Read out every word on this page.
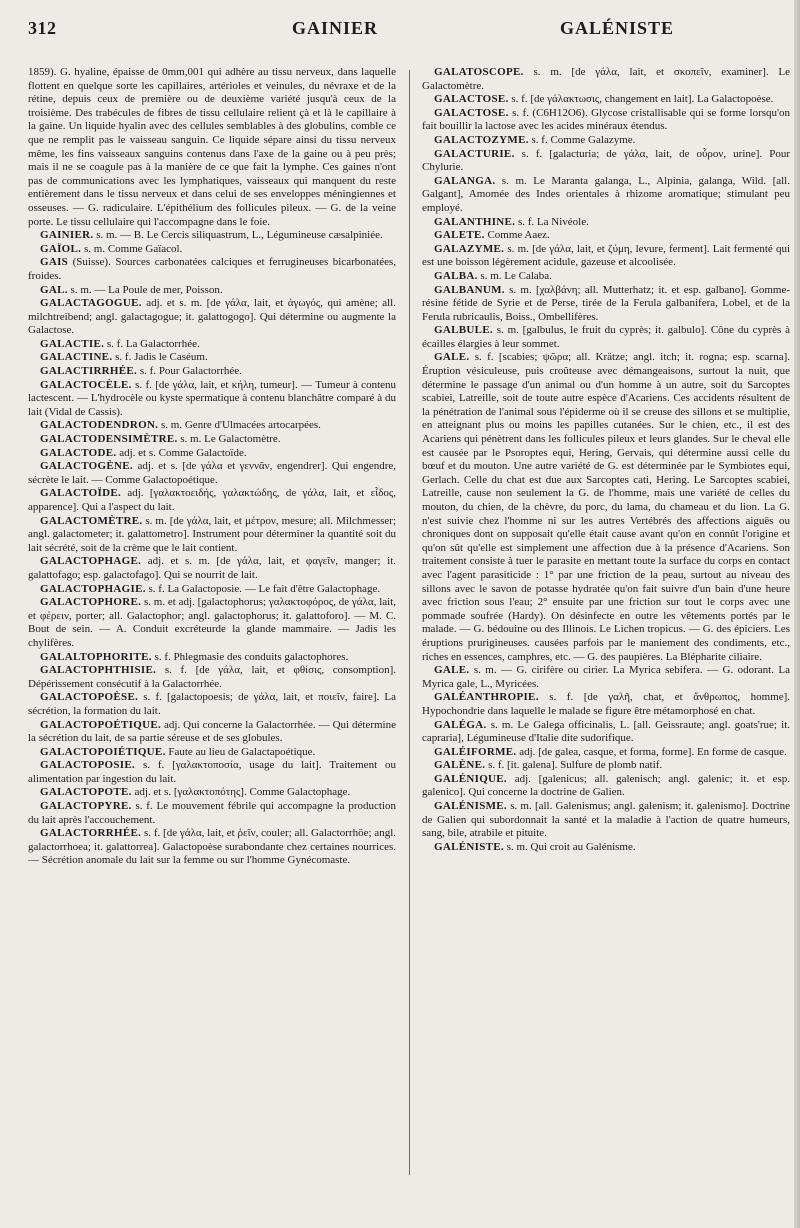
312	GAINIER	GALÉNISTE

1859). G. hyaline, épaisse de 0mm,001 qui adhère au tissu nerveux, dans laquelle flottent en quelque sorte les capillaires, artérioles et veinules, du névraxe et de la rétine, depuis ceux de première ou de deuxième variété jusqu'à ceux de la troisième. Des trabécules de fibres de tissu cellulaire relient çà et là le capillaire à la gaine. Un liquide hyalin avec des cellules semblables à des globulins, comble ce que ne remplit pas le vaisseau sanguin. Ce liquide sépare ainsi du tissu nerveux même, les fins vaisseaux sanguins contenus dans l'axe de la gaine ou à peu près; mais il ne se coagule pas à la manière de ce que fait la lymphe. Ces gaines n'ont pas de communications avec les lymphatiques, vaisseaux qui manquent du reste entièrement dans le tissu nerveux et dans celui de ses enveloppes méningiennes et osseuses. — G. radiculaire. L'épithélium des follicules pileux. — G. de la veine porte. Le tissu cellulaire qui l'accompagne dans le foie.

GAINIER. s. m. — B. Le Cercis siliquastrum, L., Légumineuse cæsalpiniée.

GAÏOL. s. m. Comme Gaïacol.

GAIS (Suisse). Sources carbonatées calciques et ferrugineuses bicarbonatées, froides.

GAL. s. m. — La Poule de mer, Poisson.

GALACTAGOGUE. adj. et s. m. [de γάλα, lait, et ἀγωγός, qui amène; all. milchtreibend; angl. galactagogue; it. galattogogo]. Qui détermine ou augmente la Galactose.

GALACTIE. s. f. La Galactorrhée.

GALACTINE. s. f. Jadis le Caséum.

GALACTIRRHÉE. s. f. Pour Galactorrhée.

GALACTOCÈLE. s. f. [de γάλα, lait, et κήλη, tumeur]. — Tumeur à contenu lactescent. — L'hydrocèle ou kyste spermatique à contenu blanchâtre comparé à du lait (Vidal de Cassis).

GALACTODENDRON. s. m. Genre d'Ulmacées artocarpées.

GALACTODENSIMÈTRE. s. m. Le Galactomètre.

GALACTODE. adj. et s. Comme Galactoïde.

GALACTOGÈNE. adj. et s. [de γάλα et γεννᾶν, engendrer]. Qui engendre, sécrète le lait. — Comme Galactopoétique.

GALACTOÏDE. adj. [γαλακτοειδής, γαλακτώδης, de γάλα, lait, et εἶδος, apparence]. Qui a l'aspect du lait.

GALACTOMÈTRE. s. m. [de γάλα, lait, et μέτρον, mesure; all. Milchmesser; angl. galactometer; it. galattometro]. Instrument pour déterminer la quantité soit du lait sécrété, soit de la crème que le lait contient.

GALACTOPHAGE. adj. et s. m. [de γάλα, lait, et φαγεῖν, manger; it. galattofago; esp. galactofago]. Qui se nourrit de lait.

GALACTOPHAGIE. s. f. La Galactoposie. — Le fait d'être Galactophage.

GALACTOPHORE. s. m. et adj. [galactophorus; γαλακτοφόρος, de γάλα, lait, et φέρειν, porter; all. Galactophor; angl. galactophorus; it. galattoforo]. — M. C. Bout de sein. — A. Conduit excréteurde la glande mammaire. — Jadis les chylifères.

GALALTOPHORITE. s. f. Phlegmasie des conduits galactophores.

GALACTOPHTHISIE. s. f. [de γάλα, lait, et φθίσις, consomption]. Dépérissement consécutif à la Galactorrhée.

GALACTOPOÈSE. s. f. [galactopoesis; de γάλα, lait, et ποιεῖν, faire]. La sécrétion, la formation du lait.

GALACTOPOÉTIQUE. adj. Qui concerne la Galactorrhée. — Qui détermine la sécrétion du lait, de sa partie séreuse et de ses globules.

GALACTOPOIÉTIQUE. Faute au lieu de Galactapoétique.

GALACTOPOSIE. s. f. [γαλακτοποσία, usage du lait]. Traitement ou alimentation par ingestion du lait.

GALACTOPOTE. adj. et s. [γαλακτοπότης]. Comme Galactophage.

GALACTOPYRE. s. f. Le mouvement fébrile qui accompagne la production du lait après l'accouchement.

GALACTORRHÉE. s. f. [de γάλα, lait, et ῥεῖν, couler; all. Galactorrhöe; angl. galactorrhoea; it. galattorrea]. Galactopoèse surabondante chez certaines nourrices. — Sécrétion anomale du lait sur la femme ou sur l'homme Gynécomaste.

GALATOSCOPE. s. m. [de γάλα, lait, et σκοπεῖν, examiner]. Le Galactomètre.

GALACTOSE. s. f. [de γάλακτωσις, changement en lait]. La Galactopoèse.

GALACTOSE. s. f. (C6H12O6). Glycose cristallisable qui se forme lorsqu'on fait bouillir la lactose avec les acides minéraux étendus.

GALACTOZYME. s. f. Comme Galazyme.

GALACTURIE. s. f. [galacturia; de γάλα, lait, de οὖρον, urine]. Pour Chylurie.

GALANGA. s. m. Le Maranta galanga, L., Alpinia, galanga, Wild. [all. Galgant], Amomée des Indes orientales à rhizome aromatique; stimulant peu employé.

GALANTHINE. s. f. La Nivéole.

GALETE. Comme Aaez.

GALAZYME. s. m. [de γάλα, lait, et ζύμη, levure, ferment]. Lait fermenté qui est une boisson légèrement acidule, gazeuse et alcoolisée.

GALBA. s. m. Le Calaba.

GALBANUM. s. m. [χαλβάνη; all. Mutterhatz; it. et esp. galbano]. Gomme-résine fétide de Syrie et de Perse, tirée de la Ferula galbanifera, Lobel, et de la Ferula rubricaulis, Boiss., Ombellifères.

GALBULE. s. m. [galbulus, le fruit du cyprès; it. galbulo]. Cône du cyprès à écailles élargies à leur sommet.

GALE. s. f. [scabies; ψῶρα; all. Krätze; angl. itch; it. rogna; esp. scarna]. Éruption vésiculeuse, puis croûteuse avec démangeaisons, surtout la nuit, que détermine le passage d'un animal ou d'un homme à un autre, soit du Sarcoptes scabiei, Latreille, soit de toute autre espèce d'Acariens. Ces accidents résultent de la pénétration de l'animal sous l'épiderme où il se creuse des sillons et se multiplie, en atteignant plus ou moins les papilles cutanées. Sur le chien, etc., il est des Acariens qui pénètrent dans les follicules pileux et leurs glandes. Sur le cheval elle est causée par le Psoroptes equi, Hering, Gervais, qui détermine aussi celle du bœuf et du mouton. Une autre variété de G. est déterminée par le Symbiotes equi, Gerlach. Celle du chat est due aux Sarcoptes cati, Hering. Le Sarcoptes scabiei, Latreille, cause non seulement la G. de l'homme, mais une variété de celles du mouton, du chien, de la chèvre, du porc, du lama, du chameau et du lion. La G. n'est suivie chez l'homme ni sur les autres Vertébrés des affections aiguës ou chroniques dont on supposait qu'elle était cause avant qu'on en connût l'origine et qu'on sût qu'elle est simplement une affection due à la présence d'Acariens. Son traitement consiste à tuer le parasite en mettant toute la surface du corps en contact avec l'agent parasiticide : 1° par une friction de la peau, surtout au niveau des sillons avec le savon de potasse hydratée qu'on fait suivre d'un bain d'une heure avec friction sous l'eau; 2° ensuite par une friction sur tout le corps avec une pommade soufrée (Hardy). On désinfecte en outre les vêtements portés par le malade. — G. bédouine ou des Illinois. Le Lichen tropicus. — G. des épiciers. Les éruptions prurigineuses. causées parfois par le maniement des condiments, etc., riches en essences, camphres, etc. — G. des paupières. La Blépharite ciliaire.

GALE. s. m. — G. cirifère ou cirier. La Myrica sebifera. — G. odorant. La Myrica gale, L., Myricées.

GALÉANTHROPIE. s. f. [de γαλῆ, chat, et ἄνθρωπος, homme]. Hypochondrie dans laquelle le malade se figure être métamorphosé en chat.

GALÉGA. s. m. Le Galega officinalis, L. [all. Geissraute; angl. goats'rue; it. capraria], Légumineuse d'Italie dite sudorifique.

GALÉIFORME. adj. [de galea, casque, et forma, forme]. En forme de casque.

GALÈNE. s. f. [it. galena]. Sulfure de plomb natif.

GALÉNIQUE. adj. [galenicus; all. galenisch; angl. galenic; it. et esp. galenico]. Qui concerne la doctrine de Galien.

GALÉNISME. s. m. [all. Galenismus; angl. galenism; it. galenismo]. Doctrine de Galien qui subordonnait la santé et la maladie à l'action de quatre humeurs, sang, bile, atrabile et pituite.

GALÉNISTE. s. m. Qui croit au Galénisme.
